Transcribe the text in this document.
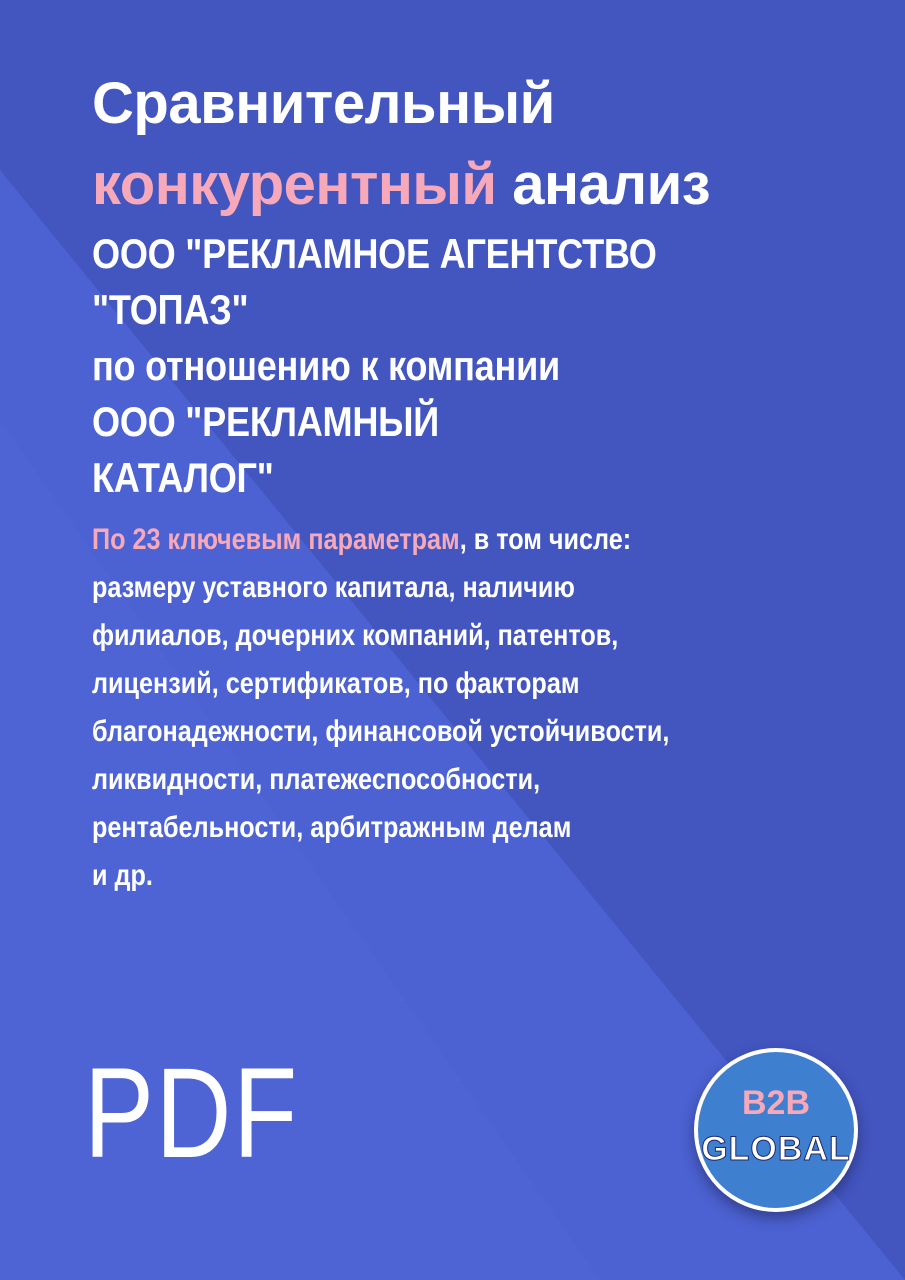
Сравнительный
конкурентный анализ
ООО "РЕКЛАМНОЕ АГЕНТСТВО
"ТОПАЗ"
по отношению к компании
ООО "РЕКЛАМНЫЙ
КАТАЛОГ"
По 23 ключевым параметрам, в том числе:
размеру уставного капитала, наличию
филиалов, дочерних компаний, патентов,
лицензий, сертификатов, по факторам
благонадежности, финансовой устойчивости,
ликвидности, платежеспособности,
рентабельности, арбитражным делам
и др.
PDF	B2B
GLOBAL
